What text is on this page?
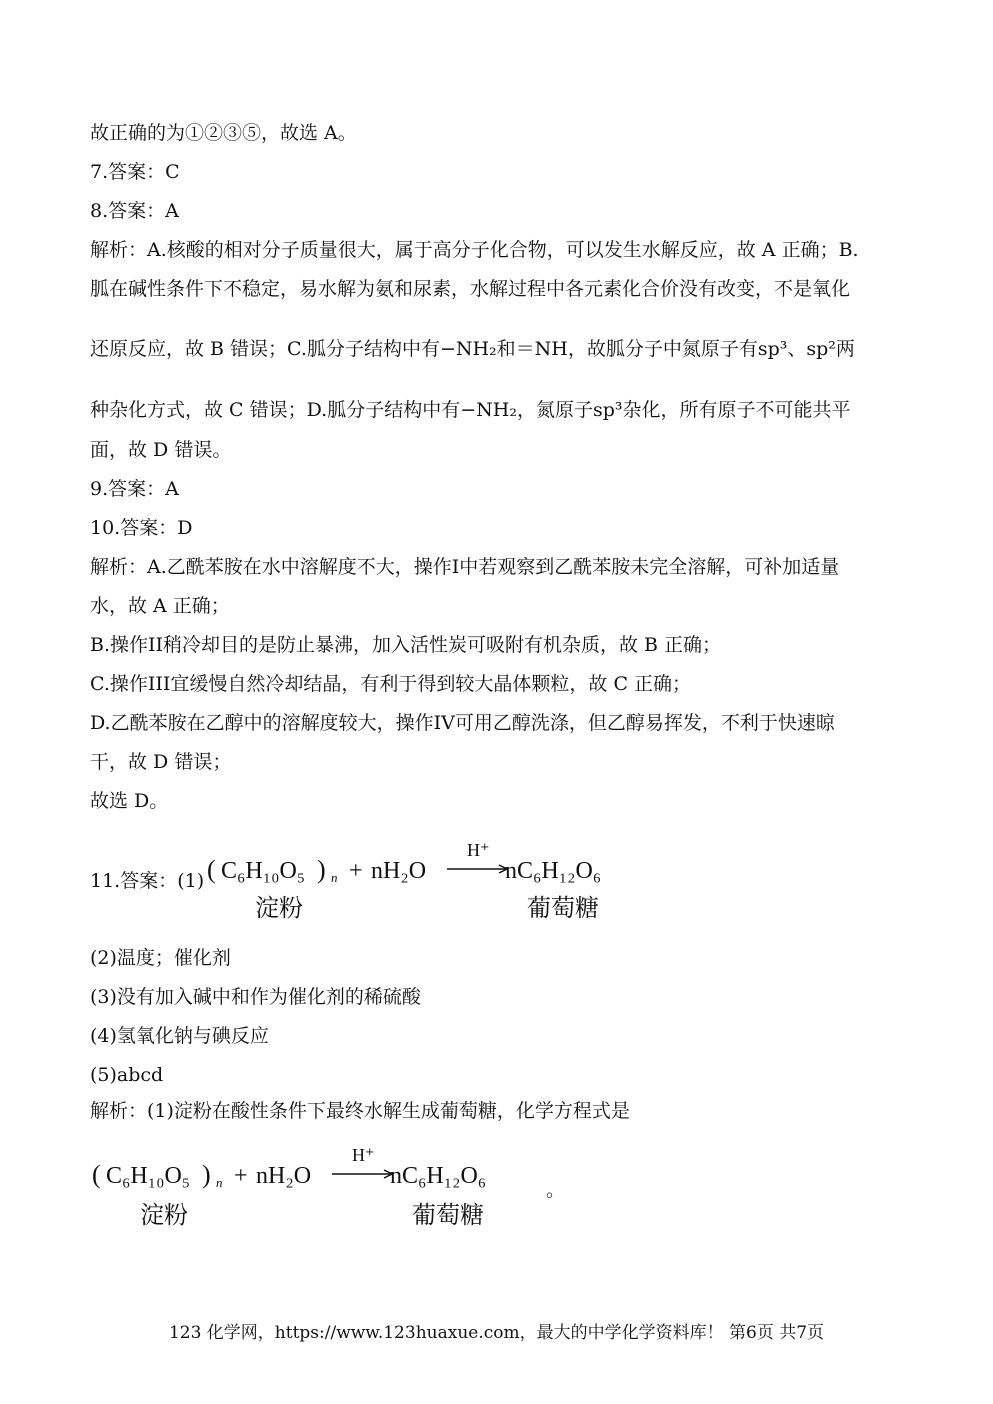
故正确的为①②③⑤，故选 A。
7.答案：C
8.答案：A
解析：A.核酸的相对分子质量很大，属于高分子化合物，可以发生水解反应，故 A 正确；B.
胍在碱性条件下不稳定，易水解为氨和尿素，水解过程中各元素化合价没有改变，不是氧化
还原反应，故 B 错误；C.胍分子结构中有−NH₂和＝NH，故胍分子中氮原子有sp³、sp²两
种杂化方式，故 C 错误；D.胍分子结构中有−NH₂，氮原子sp³杂化，所有原子不可能共平
面，故 D 错误。
9.答案：A
10.答案：D
解析：A.乙酰苯胺在水中溶解度不大，操作I中若观察到乙酰苯胺未完全溶解，可补加适量
水，故 A 正确；
B.操作II稍冷却目的是防止暴沸，加入活性炭可吸附有机杂质，故 B 正确；
C.操作III宜缓慢自然冷却结晶，有利于得到较大晶体颗粒，故 C 正确；
D.乙酰苯胺在乙醇中的溶解度较大，操作IV可用乙醇洗涤，但乙醇易挥发，不利于快速晾
干，故 D 错误；
故选 D。
11.答案：(1) ( C₆H₁₀O₅ ) n + nH₂O
H⁺
nC₆H₁₂O₆
淀粉	葡萄糖
(2)温度；催化剂
(3)没有加入碱中和作为催化剂的稀硫酸
(4)氢氧化钠与碘反应
(5)abcd
解析：(1)淀粉在酸性条件下最终水解生成葡萄糖，化学方程式是
( C₆H₁₀O₅ ) n + nH₂O
H⁺
nC₆H₁₂O₆
淀粉	葡萄糖
。
123 化学网，https://www.123huaxue.com，最大的中学化学资料库！ 第6页 共7页
